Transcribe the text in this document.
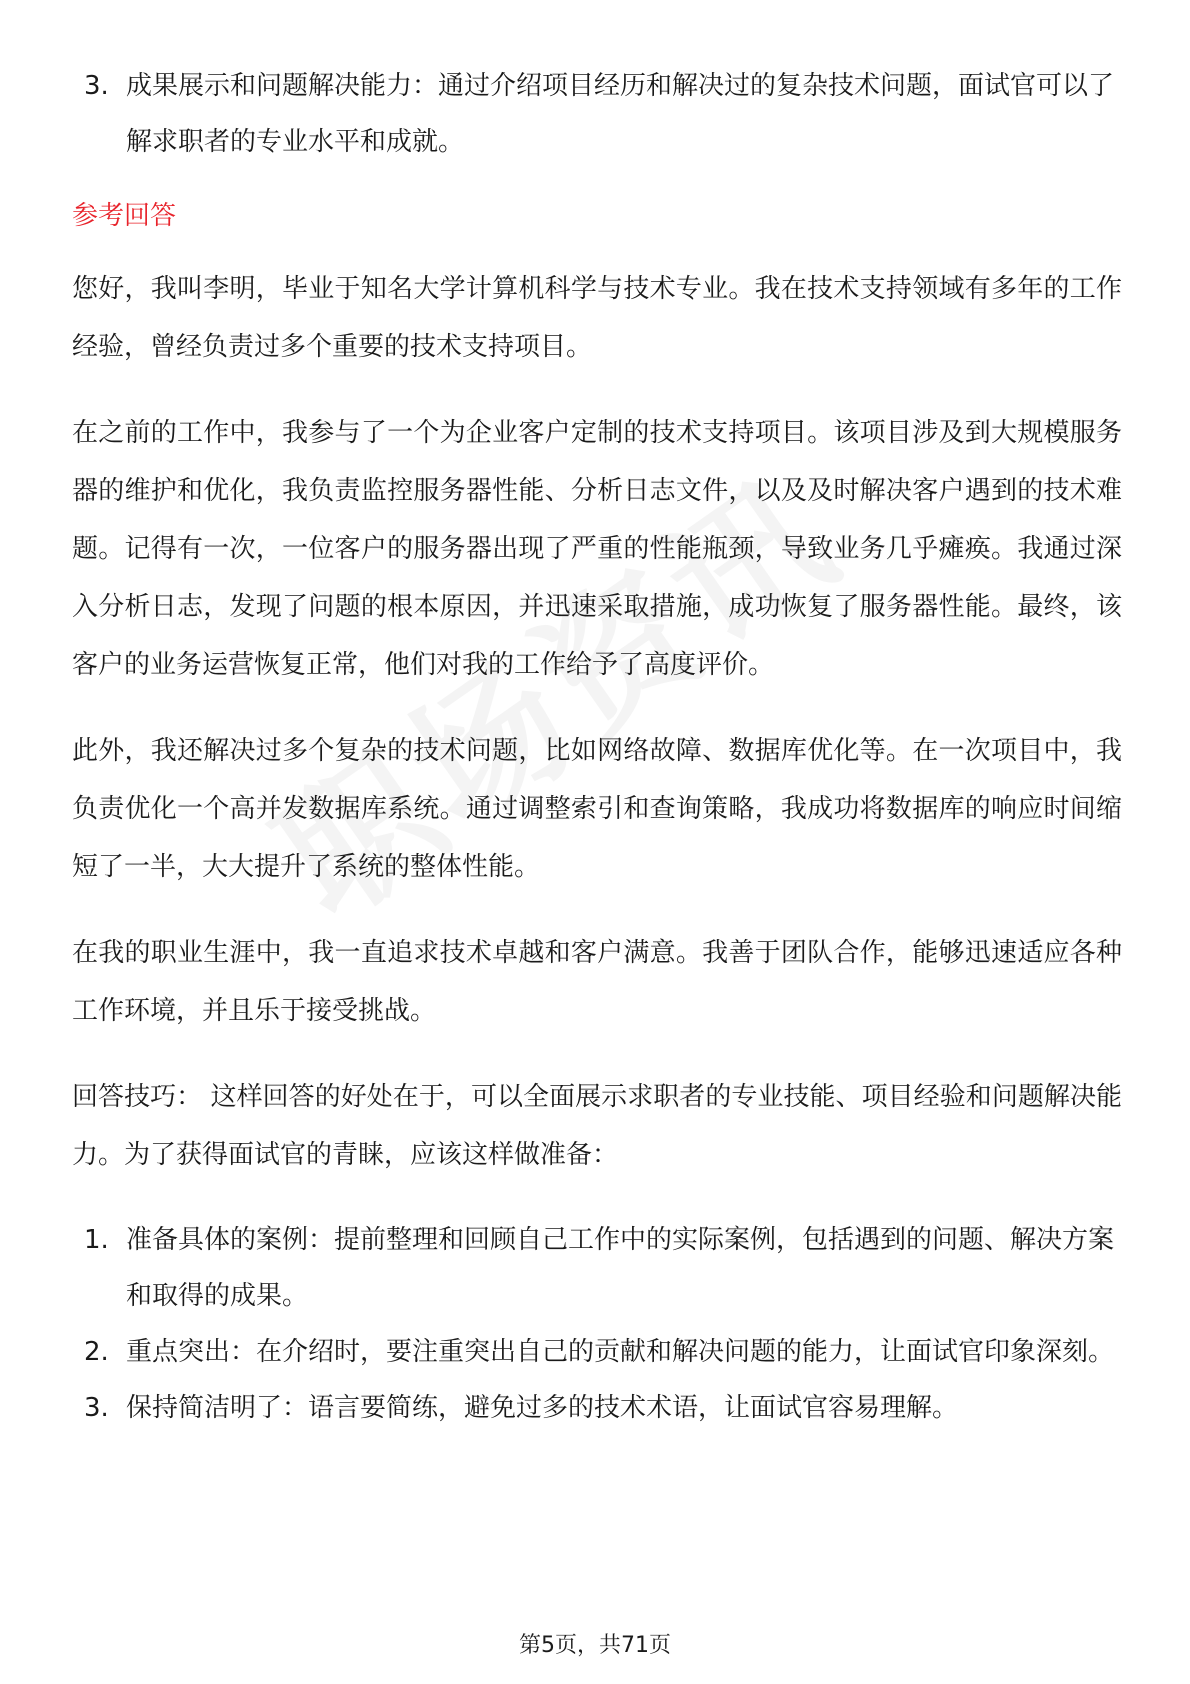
3. 成果展示和问题解决能力：通过介绍项目经历和解决过的复杂技术问题，面试官可以了解求职者的专业水平和成就。
参考回答

您好，我叫李明，毕业于知名大学计算机科学与技术专业。我在技术支持领域有多年的工作经验，曾经负责过多个重要的技术支持项目。

在之前的工作中，我参与了一个为企业客户定制的技术支持项目。该项目涉及到大规模服务器的维护和优化，我负责监控服务器性能、分析日志文件，以及及时解决客户遇到的技术难题。记得有一次，一位客户的服务器出现了严重的性能瓶颈，导致业务几乎瘫痪。我通过深入分析日志，发现了问题的根本原因，并迅速采取措施，成功恢复了服务器性能。最终，该客户的业务运营恢复正常，他们对我的工作给予了高度评价。

此外，我还解决过多个复杂的技术问题，比如网络故障、数据库优化等。在一次项目中，我负责优化一个高并发数据库系统。通过调整索引和查询策略，我成功将数据库的响应时间缩短了一半，大大提升了系统的整体性能。

在我的职业生涯中，我一直追求技术卓越和客户满意。我善于团队合作，能够迅速适应各种工作环境，并且乐于接受挑战。

回答技巧： 这样回答的好处在于，可以全面展示求职者的专业技能、项目经验和问题解决能力。为了获得面试官的青睐，应该这样做准备：

1. 准备具体的案例：提前整理和回顾自己工作中的实际案例，包括遇到的问题、解决方案和取得的成果。
2. 重点突出：在介绍时，要注重突出自己的贡献和解决问题的能力，让面试官印象深刻。
3. 保持简洁明了：语言要简练，避免过多的技术术语，让面试官容易理解。
第5页，共71页
